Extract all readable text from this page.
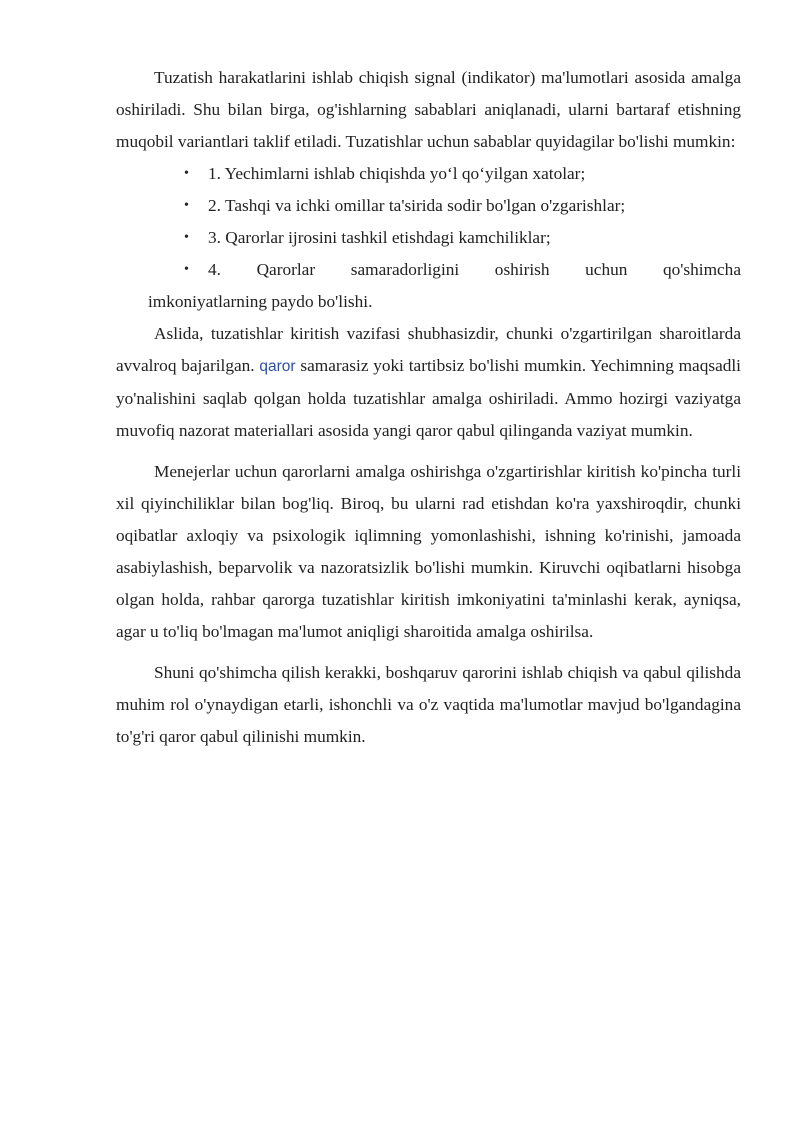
Tuzatish harakatlarini ishlab chiqish signal (indikator) ma'lumotlari asosida amalga oshiriladi. Shu bilan birga, og'ishlarning sabablari aniqlanadi, ularni bartaraf etishning muqobil variantlari taklif etiladi. Tuzatishlar uchun sabablar quyidagilar bo'lishi mumkin:

• 1. Yechimlarni ishlab chiqishda yo‘l qo‘yilgan xatolar;
• 2. Tashqi va ichki omillar ta'sirida sodir bo'lgan o'zgarishlar;
• 3. Qarorlar ijrosini tashkil etishdagi kamchiliklar;
• 4. Qarorlar samaradorligini oshirish uchun qo'shimcha
imkoniyatlarning paydo bo'lishi.

Aslida, tuzatishlar kiritish vazifasi shubhasizdir, chunki o'zgartirilgan sharoitlarda avvalroq bajarilgan. qaror samarasiz yoki tartibsiz bo'lishi mumkin. Yechimning maqsadli yo'nalishini saqlab qolgan holda tuzatishlar amalga oshiriladi. Ammo hozirgi vaziyatga muvofiq nazorat materiallari asosida yangi qaror qabul qilinganda vaziyat mumkin.

Menejerlar uchun qarorlarni amalga oshirishga o'zgartirishlar kiritish ko'pincha turli xil qiyinchiliklar bilan bog'liq. Biroq, bu ularni rad etishdan ko'ra yaxshiroqdir, chunki oqibatlar axloqiy va psixologik iqlimning yomonlashishi, ishning ko'rinishi, jamoada asabiylashish, beparvolik va nazoratsizlik bo'lishi mumkin. Kiruvchi oqibatlarni hisobga olgan holda, rahbar qarorga tuzatishlar kiritish imkoniyatini ta'minlashi kerak, ayniqsa, agar u to'liq bo'lmagan ma'lumot aniqligi sharoitida amalga oshirilsa.

Shuni qo'shimcha qilish kerakki, boshqaruv qarorini ishlab chiqish va qabul qilishda muhim rol o'ynaydigan etarli, ishonchli va o'z vaqtida ma'lumotlar mavjud bo'lgandagina to'g'ri qaror qabul qilinishi mumkin.
